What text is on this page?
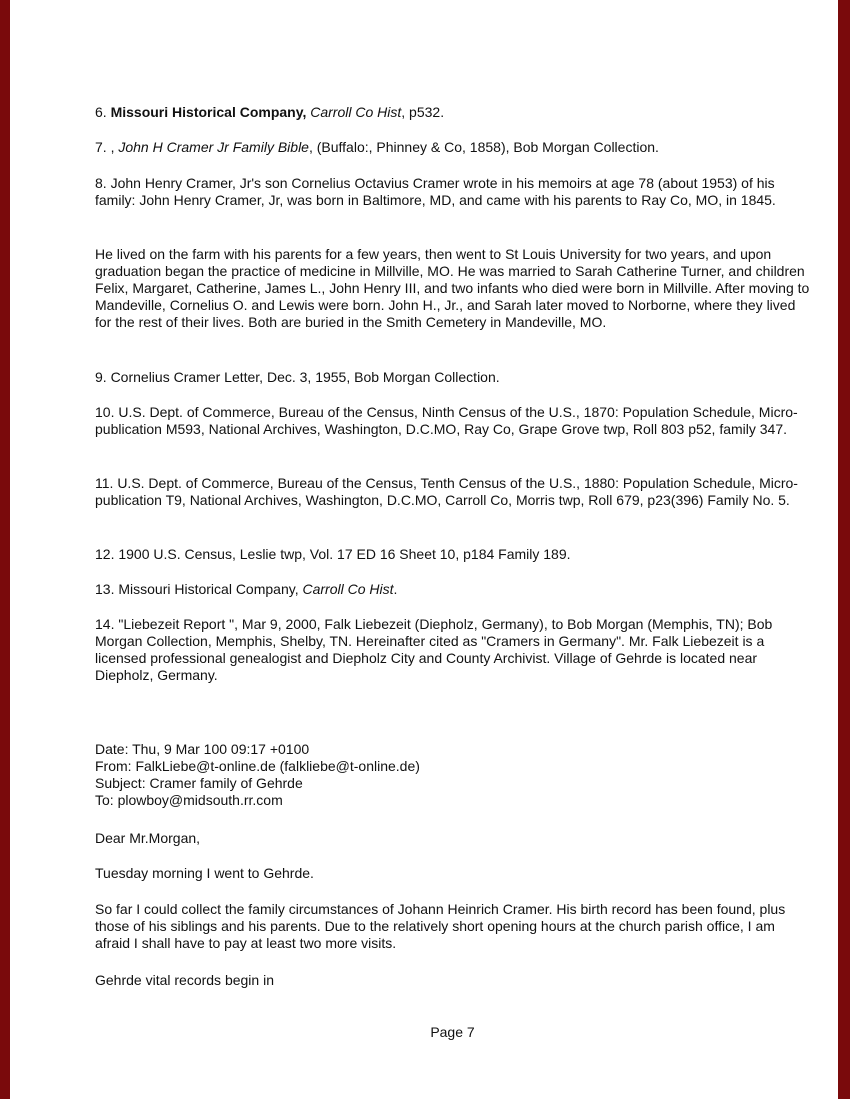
6. Missouri Historical Company, Carroll Co Hist, p532.

7. , John H Cramer Jr Family Bible, (Buffalo:, Phinney & Co, 1858), Bob Morgan Collection.

8. John Henry Cramer, Jr's son Cornelius Octavius Cramer wrote in his memoirs at age 78 (about 1953) of his family: John Henry Cramer, Jr, was born in Baltimore, MD, and came with his parents to Ray Co, MO, in 1845.

He lived on the farm with his parents for a few years, then went to St Louis University for two years, and upon graduation began the practice of medicine in Millville, MO. He was married to Sarah Catherine Turner, and children Felix, Margaret, Catherine, James L., John Henry III, and two infants who died were born in Millville. After moving to Mandeville, Cornelius O. and Lewis were born. John H., Jr., and Sarah later moved to Norborne, where they lived for the rest of their lives. Both are buried in the Smith Cemetery in Mandeville, MO.

9. Cornelius Cramer Letter, Dec. 3, 1955, Bob Morgan Collection.

10. U.S. Dept. of Commerce, Bureau of the Census, Ninth Census of the U.S., 1870: Population Schedule, Micro-publication M593, National Archives, Washington, D.C.MO, Ray Co, Grape Grove twp, Roll 803 p52, family 347.

11. U.S. Dept. of Commerce, Bureau of the Census, Tenth Census of the U.S., 1880: Population Schedule, Micro-publication T9, National Archives, Washington, D.C.MO, Carroll Co, Morris twp, Roll 679, p23(396) Family No. 5.

12. 1900 U.S. Census, Leslie twp, Vol. 17 ED 16 Sheet 10, p184 Family 189.

13. Missouri Historical Company, Carroll Co Hist.

14. "Liebezeit Report ", Mar 9, 2000, Falk Liebezeit (Diepholz, Germany), to Bob Morgan (Memphis, TN); Bob Morgan Collection, Memphis, Shelby, TN. Hereinafter cited as "Cramers in Germany". Mr. Falk Liebezeit is a licensed professional genealogist and Diepholz City and County Archivist. Village of Gehrde is located near Diepholz, Germany.

Date: Thu, 9 Mar 100 09:17 +0100

From: FalkLiebe@t-online.de (falkliebe@t-online.de)

Subject: Cramer family of Gehrde

To: plowboy@midsouth.rr.com

Dear Mr.Morgan,

Tuesday morning I went to Gehrde.

So far I could collect the family circumstances of Johann Heinrich Cramer. His birth record has been found, plus those of his siblings and his parents. Due to the relatively short opening hours at the church parish office, I am afraid I shall have to pay at least two more visits.

Gehrde vital records begin in

Page 7
